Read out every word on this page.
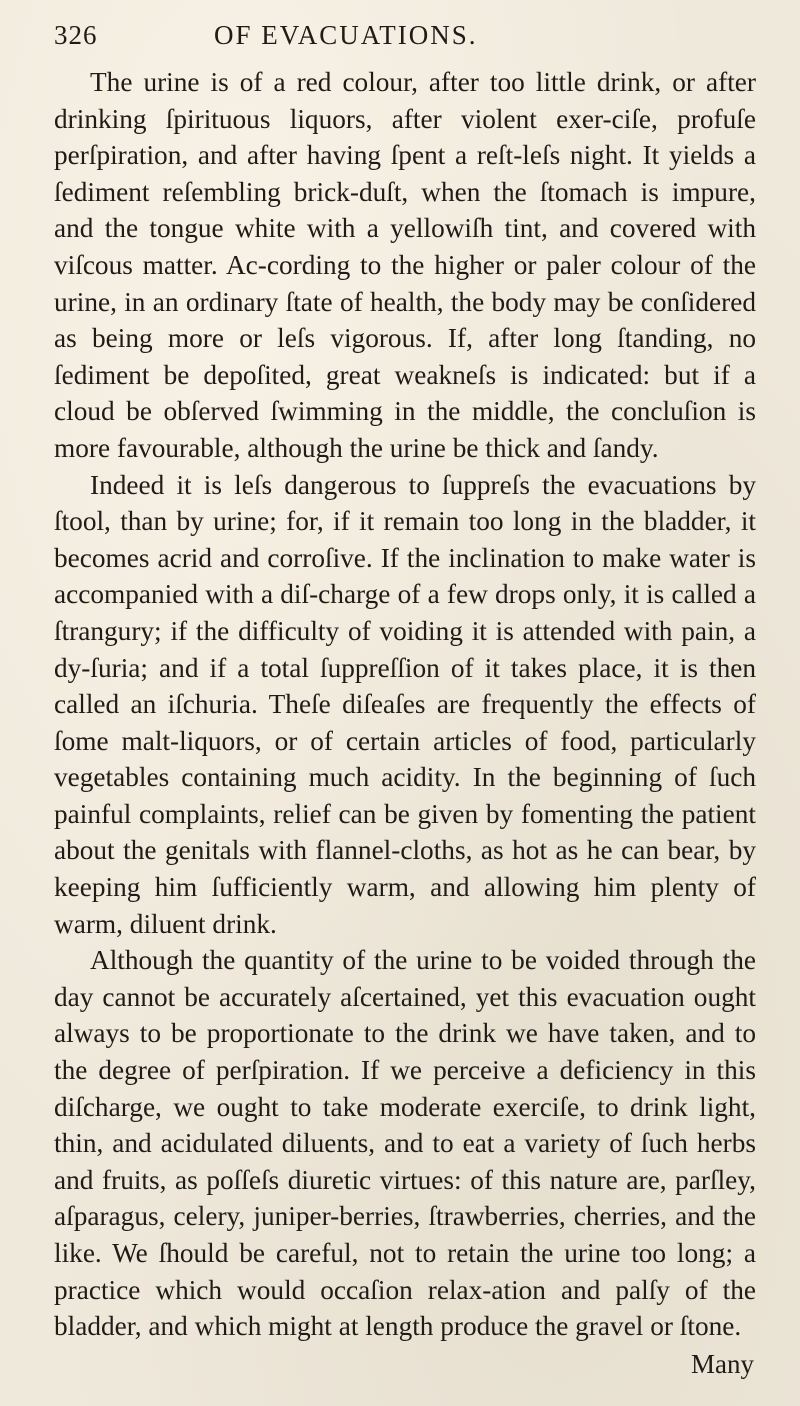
326	OF EVACUATIONS.

The urine is of a red colour, after too little drink, or after drinking ſpirituous liquors, after violent exer-ciſe, profuſe perſpiration, and after having ſpent a reſt-leſs night. It yields a ſediment reſembling brick-duſt, when the ſtomach is impure, and the tongue white with a yellowiſh tint, and covered with viſcous matter. Ac-cording to the higher or paler colour of the urine, in an ordinary ſtate of health, the body may be conſidered as being more or leſs vigorous. If, after long ſtanding, no ſediment be depoſited, great weakneſs is indicated: but if a cloud be obſerved ſwimming in the middle, the concluſion is more favourable, although the urine be thick and ſandy.

Indeed it is leſs dangerous to ſuppreſs the evacuations by ſtool, than by urine; for, if it remain too long in the bladder, it becomes acrid and corroſive. If the inclination to make water is accompanied with a diſ-charge of a few drops only, it is called a ſtrangury; if the difficulty of voiding it is attended with pain, a dy-ſuria; and if a total ſuppreſſion of it takes place, it is then called an iſchuria. Theſe diſeaſes are frequently the effects of ſome malt-liquors, or of certain articles of food, particularly vegetables containing much acidity. In the beginning of ſuch painful complaints, relief can be given by fomenting the patient about the genitals with flannel-cloths, as hot as he can bear, by keeping him ſufficiently warm, and allowing him plenty of warm, diluent drink.

Although the quantity of the urine to be voided through the day cannot be accurately aſcertained, yet this evacuation ought always to be proportionate to the drink we have taken, and to the degree of perſpiration. If we perceive a deficiency in this diſcharge, we ought to take moderate exerciſe, to drink light, thin, and acidulated diluents, and to eat a variety of ſuch herbs and fruits, as poſſeſs diuretic virtues: of this nature are, parſley, aſparagus, celery, juniper-berries, ſtrawberries, cherries, and the like. We ſhould be careful, not to retain the urine too long; a practice which would occaſion relax-ation and palſy of the bladder, and which might at length produce the gravel or ſtone.

Many
